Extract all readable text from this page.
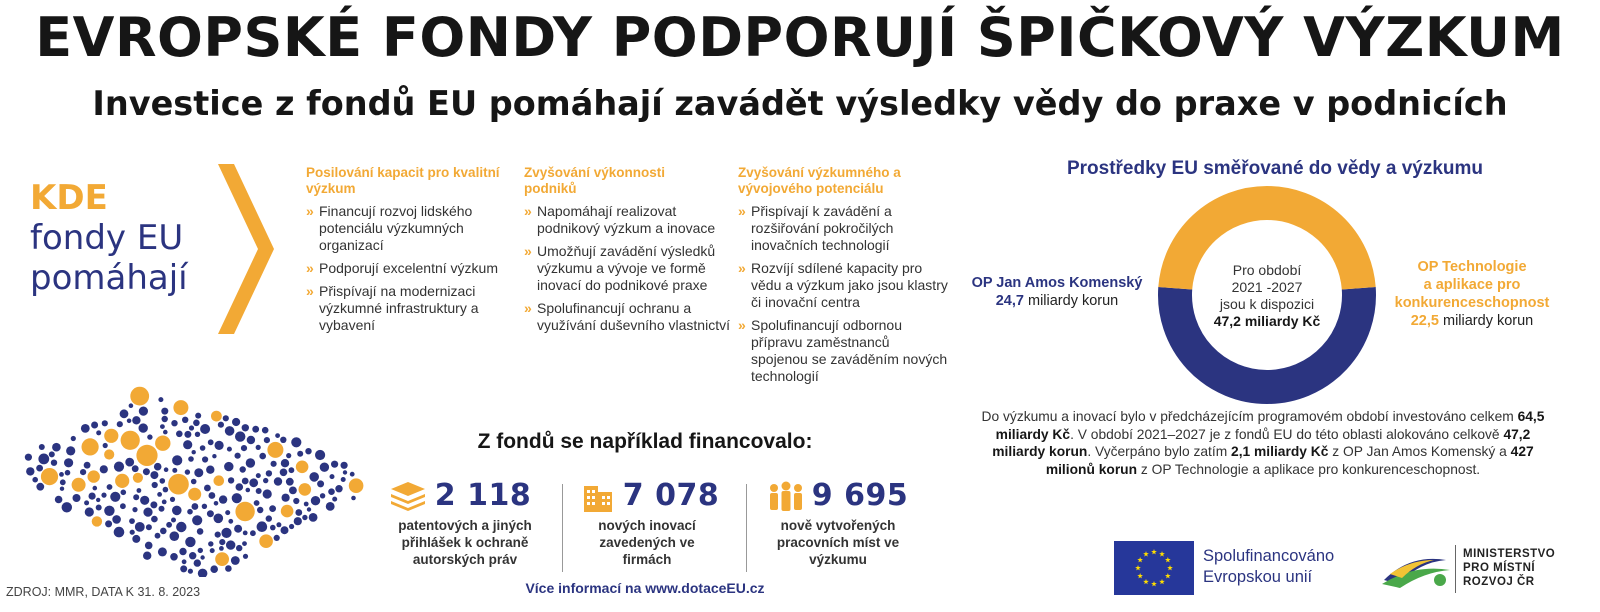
EVROPSKÉ FONDY PODPORUJÍ ŠPIČKOVÝ VÝZKUM
Investice z fondů EU pomáhají zavádět výsledky vědy do praxe v podnicích
KDE
fondy EU
pomáhají
Posilování kapacit pro kvalitní výzkum
» Financují rozvoj lidského potenciálu výzkumných organizací
» Podporují excelentní výzkum
» Přispívají na modernizaci výzkumné infrastruktury a vybavení
Zvyšování výkonnosti podniků
» Napomáhají realizovat podnikový výzkum a inovace
» Umožňují zavádění výsledků výzkumu a vývoje ve formě inovací do podnikové praxe
» Spolufinancují ochranu a využívání duševního vlastnictví
Zvyšování výzkumného a vývojového potenciálu
» Přispívají k zavádění a rozšiřování pokročilých inovačních technologií
» Rozvíjí sdílené kapacity pro vědu a výzkum jako jsou klastry či inovační centra
» Spolufinancují odbornou přípravu zaměstnanců spojenou se zaváděním nových technologií
Z fondů se například financovalo:
2 118
patentových a jiných přihlášek k ochraně autorských práv
7 078
nových inovací zavedených ve firmách
9 695
nově vytvořených pracovních míst ve výzkumu
Více informací na www.dotaceEU.cz
ZDROJ: MMR, DATA K 31. 8. 2023
Prostředky EU směřované do vědy a výzkumu
Pro období
2021 -2027
jsou k dispozici
47,2 miliardy Kč
OP Jan Amos Komenský
24,7 miliardy korun
OP Technologie
a aplikace pro
konkurenceschopnost
22,5 miliardy korun
Do výzkumu a inovací bylo v předcházejícím programovém období investováno celkem 64,5 miliardy Kč. V období 2021–2027 je z fondů EU do této oblasti alokováno celkově 47,2 miliardy korun. Vyčerpáno bylo zatím 2,1 miliardy Kč z OP Jan Amos Komenský a 427 milionů korun z OP Technologie a aplikace pro konkurenceschopnost.
Spolufinancováno
Evropskou unií
MINISTERSTVO
PRO MÍSTNÍ
ROZVOJ ČR
